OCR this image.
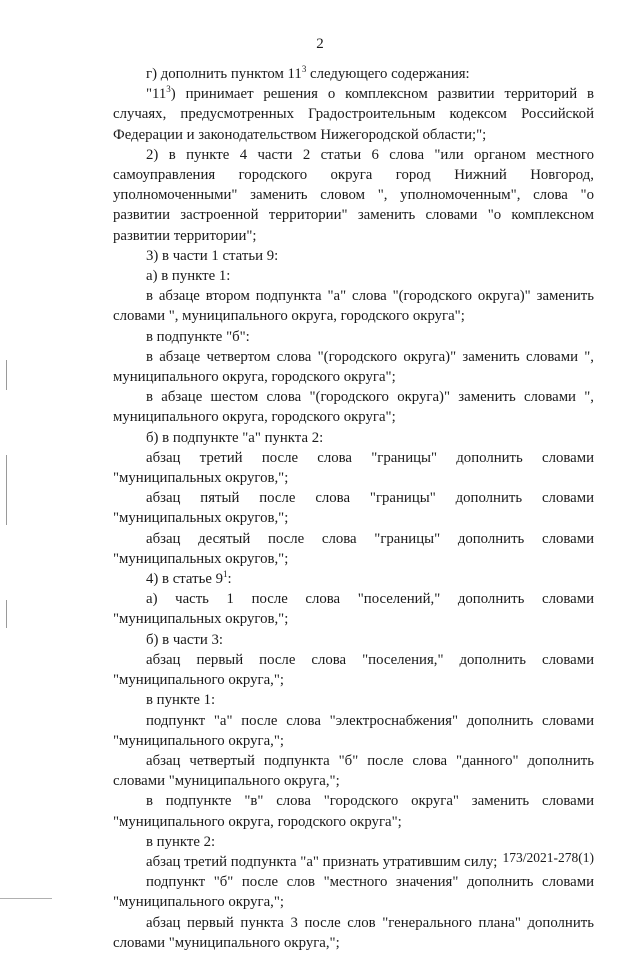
2

г) дополнить пунктом $11^3$ следующего содержания:

"$11^3$) принимает решения о комплексном развитии территорий в случаях, предусмотренных Градостроительным кодексом Российской Федерации и законодательством Нижегородской области;";

2) в пункте 4 части 2 статьи 6 слова "или органом местного самоуправления городского округа город Нижний Новгород, уполномоченными" заменить словом ", уполномоченным", слова "о развитии застроенной территории" заменить словами "о комплексном развитии территории";

3) в части 1 статьи 9:

а) в пункте 1:

в абзаце втором подпункта "а" слова "(городского округа)" заменить словами ", муниципального округа, городского округа";

в подпункте "б":

в абзаце четвертом слова "(городского округа)" заменить словами ", муниципального округа, городского округа";

в абзаце шестом слова "(городского округа)" заменить словами ", муниципального округа, городского округа";

б) в подпункте "а" пункта 2:

абзац третий после слова "границы" дополнить словами "муниципальных округов,";

абзац пятый после слова "границы" дополнить словами "муниципальных округов,";

абзац десятый после слова "границы" дополнить словами "муниципальных округов,";

4) в статье $9^1$:

а) часть 1 после слова "поселений," дополнить словами "муниципальных округов,";

б) в части 3:

абзац первый после слова "поселения," дополнить словами "муниципального округа,";

в пункте 1:

подпункт "а" после слова "электроснабжения" дополнить словами "муниципального округа,";

абзац четвертый подпункта "б" после слова "данного" дополнить словами "муниципального округа,";

в подпункте "в" слова "городского округа" заменить словами "муниципального округа, городского округа";

в пункте 2:

абзац третий подпункта "а" признать утратившим силу;

подпункт "б" после слов "местного значения" дополнить словами "муниципального округа,";

абзац первый пункта 3 после слов "генерального плана" дополнить словами "муниципального округа,";

173/2021-278(1)
